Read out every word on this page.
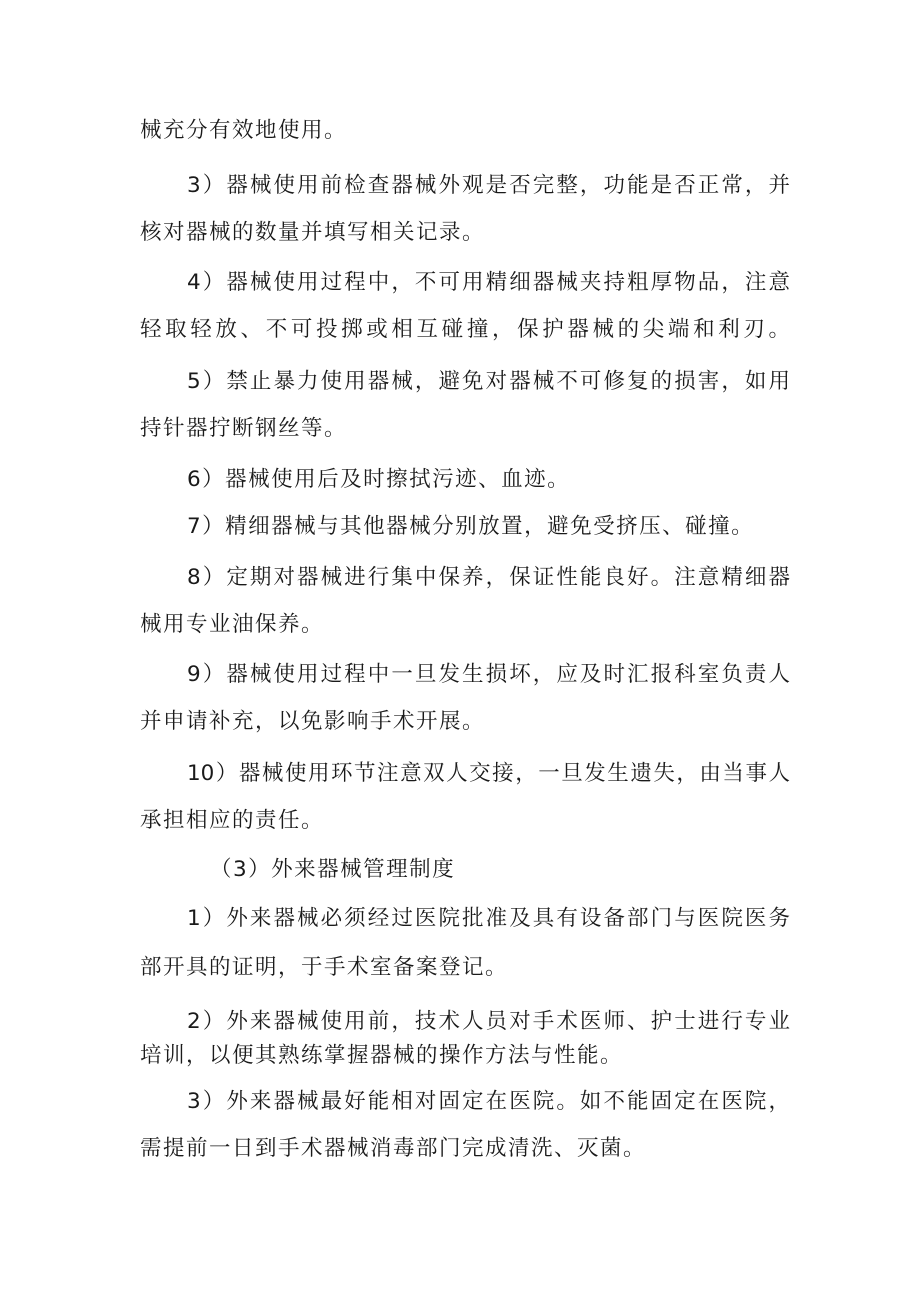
械充分有效地使用。
3）器械使用前检查器械外观是否完整，功能是否正常，并
核对器械的数量并填写相关记录。
4）器械使用过程中，不可用精细器械夹持粗厚物品，注意
轻取轻放、不可投掷或相互碰撞，保护器械的尖端和利刃。
5）禁止暴力使用器械，避免对器械不可修复的损害，如用
持针器拧断钢丝等。
6）器械使用后及时擦拭污迹、血迹。
7）精细器械与其他器械分别放置，避免受挤压、碰撞。
8）定期对器械进行集中保养，保证性能良好。注意精细器
械用专业油保养。
9）器械使用过程中一旦发生损坏，应及时汇报科室负责人
并申请补充，以免影响手术开展。
10）器械使用环节注意双人交接，一旦发生遗失，由当事人
承担相应的责任。
（3）外来器械管理制度
1）外来器械必须经过医院批准及具有设备部门与医院医务
部开具的证明，于手术室备案登记。
2）外来器械使用前，技术人员对手术医师、护士进行专业
培训，以便其熟练掌握器械的操作方法与性能。
3）外来器械最好能相对固定在医院。如不能固定在医院，
需提前一日到手术器械消毒部门完成清洗、灭菌。
